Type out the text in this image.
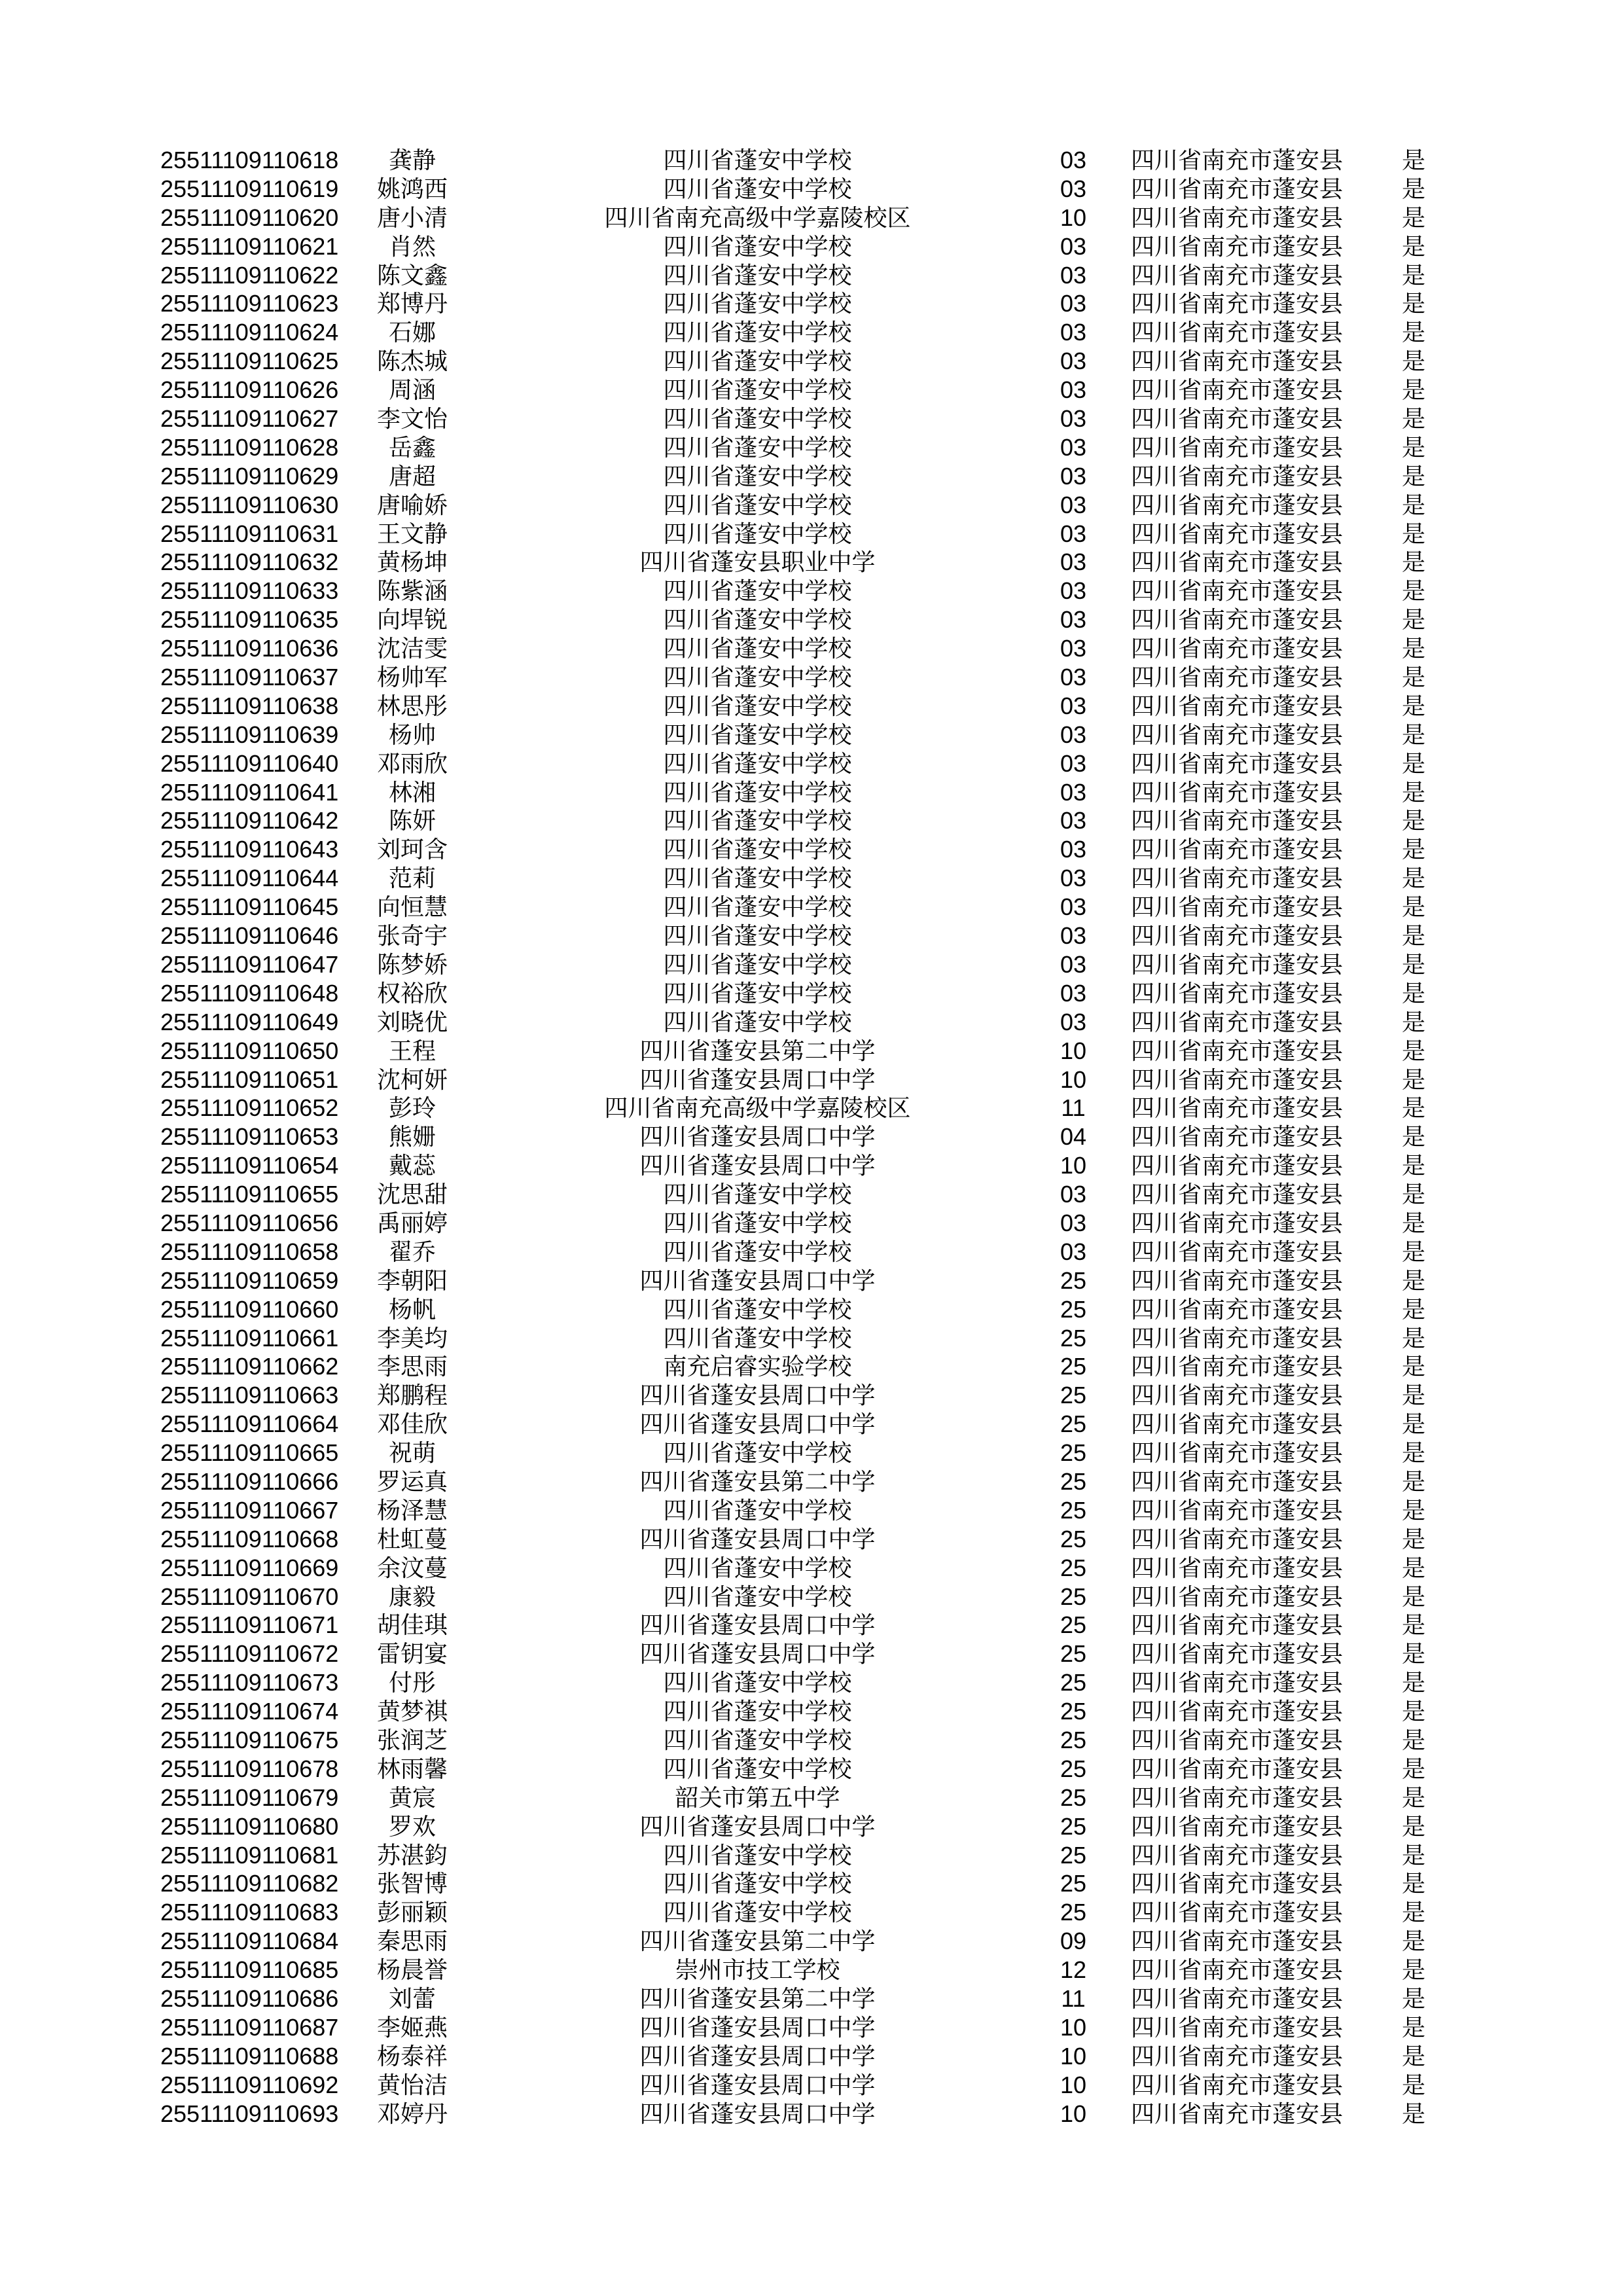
25511109110618	龚静	四川省蓬安中学校	03	四川省南充市蓬安县	是
25511109110619	姚鸿西	四川省蓬安中学校	03	四川省南充市蓬安县	是
25511109110620	唐小清	四川省南充高级中学嘉陵校区	10	四川省南充市蓬安县	是
25511109110621	肖然	四川省蓬安中学校	03	四川省南充市蓬安县	是
25511109110622	陈文鑫	四川省蓬安中学校	03	四川省南充市蓬安县	是
25511109110623	郑博丹	四川省蓬安中学校	03	四川省南充市蓬安县	是
25511109110624	石娜	四川省蓬安中学校	03	四川省南充市蓬安县	是
25511109110625	陈杰城	四川省蓬安中学校	03	四川省南充市蓬安县	是
25511109110626	周涵	四川省蓬安中学校	03	四川省南充市蓬安县	是
25511109110627	李文怡	四川省蓬安中学校	03	四川省南充市蓬安县	是
25511109110628	岳鑫	四川省蓬安中学校	03	四川省南充市蓬安县	是
25511109110629	唐超	四川省蓬安中学校	03	四川省南充市蓬安县	是
25511109110630	唐喻娇	四川省蓬安中学校	03	四川省南充市蓬安县	是
25511109110631	王文静	四川省蓬安中学校	03	四川省南充市蓬安县	是
25511109110632	黄杨坤	四川省蓬安县职业中学	03	四川省南充市蓬安县	是
25511109110633	陈紫涵	四川省蓬安中学校	03	四川省南充市蓬安县	是
25511109110635	向垾锐	四川省蓬安中学校	03	四川省南充市蓬安县	是
25511109110636	沈洁雯	四川省蓬安中学校	03	四川省南充市蓬安县	是
25511109110637	杨帅军	四川省蓬安中学校	03	四川省南充市蓬安县	是
25511109110638	林思彤	四川省蓬安中学校	03	四川省南充市蓬安县	是
25511109110639	杨帅	四川省蓬安中学校	03	四川省南充市蓬安县	是
25511109110640	邓雨欣	四川省蓬安中学校	03	四川省南充市蓬安县	是
25511109110641	林湘	四川省蓬安中学校	03	四川省南充市蓬安县	是
25511109110642	陈妍	四川省蓬安中学校	03	四川省南充市蓬安县	是
25511109110643	刘珂含	四川省蓬安中学校	03	四川省南充市蓬安县	是
25511109110644	范莉	四川省蓬安中学校	03	四川省南充市蓬安县	是
25511109110645	向恒慧	四川省蓬安中学校	03	四川省南充市蓬安县	是
25511109110646	张奇宇	四川省蓬安中学校	03	四川省南充市蓬安县	是
25511109110647	陈梦娇	四川省蓬安中学校	03	四川省南充市蓬安县	是
25511109110648	权裕欣	四川省蓬安中学校	03	四川省南充市蓬安县	是
25511109110649	刘晓优	四川省蓬安中学校	03	四川省南充市蓬安县	是
25511109110650	王程	四川省蓬安县第二中学	10	四川省南充市蓬安县	是
25511109110651	沈柯妍	四川省蓬安县周口中学	10	四川省南充市蓬安县	是
25511109110652	彭玲	四川省南充高级中学嘉陵校区	11	四川省南充市蓬安县	是
25511109110653	熊姗	四川省蓬安县周口中学	04	四川省南充市蓬安县	是
25511109110654	戴蕊	四川省蓬安县周口中学	10	四川省南充市蓬安县	是
25511109110655	沈思甜	四川省蓬安中学校	03	四川省南充市蓬安县	是
25511109110656	禹丽婷	四川省蓬安中学校	03	四川省南充市蓬安县	是
25511109110658	翟乔	四川省蓬安中学校	03	四川省南充市蓬安县	是
25511109110659	李朝阳	四川省蓬安县周口中学	25	四川省南充市蓬安县	是
25511109110660	杨帆	四川省蓬安中学校	25	四川省南充市蓬安县	是
25511109110661	李美均	四川省蓬安中学校	25	四川省南充市蓬安县	是
25511109110662	李思雨	南充启睿实验学校	25	四川省南充市蓬安县	是
25511109110663	郑鹏程	四川省蓬安县周口中学	25	四川省南充市蓬安县	是
25511109110664	邓佳欣	四川省蓬安县周口中学	25	四川省南充市蓬安县	是
25511109110665	祝萌	四川省蓬安中学校	25	四川省南充市蓬安县	是
25511109110666	罗运真	四川省蓬安县第二中学	25	四川省南充市蓬安县	是
25511109110667	杨泽慧	四川省蓬安中学校	25	四川省南充市蓬安县	是
25511109110668	杜虹蔓	四川省蓬安县周口中学	25	四川省南充市蓬安县	是
25511109110669	余汶蔓	四川省蓬安中学校	25	四川省南充市蓬安县	是
25511109110670	康毅	四川省蓬安中学校	25	四川省南充市蓬安县	是
25511109110671	胡佳琪	四川省蓬安县周口中学	25	四川省南充市蓬安县	是
25511109110672	雷钥宴	四川省蓬安县周口中学	25	四川省南充市蓬安县	是
25511109110673	付彤	四川省蓬安中学校	25	四川省南充市蓬安县	是
25511109110674	黄梦祺	四川省蓬安中学校	25	四川省南充市蓬安县	是
25511109110675	张润芝	四川省蓬安中学校	25	四川省南充市蓬安县	是
25511109110678	林雨馨	四川省蓬安中学校	25	四川省南充市蓬安县	是
25511109110679	黄宸	韶关市第五中学	25	四川省南充市蓬安县	是
25511109110680	罗欢	四川省蓬安县周口中学	25	四川省南充市蓬安县	是
25511109110681	苏湛鈞	四川省蓬安中学校	25	四川省南充市蓬安县	是
25511109110682	张智博	四川省蓬安中学校	25	四川省南充市蓬安县	是
25511109110683	彭丽颖	四川省蓬安中学校	25	四川省南充市蓬安县	是
25511109110684	秦思雨	四川省蓬安县第二中学	09	四川省南充市蓬安县	是
25511109110685	杨晨誉	崇州市技工学校	12	四川省南充市蓬安县	是
25511109110686	刘蕾	四川省蓬安县第二中学	11	四川省南充市蓬安县	是
25511109110687	李姬燕	四川省蓬安县周口中学	10	四川省南充市蓬安县	是
25511109110688	杨泰祥	四川省蓬安县周口中学	10	四川省南充市蓬安县	是
25511109110692	黄怡洁	四川省蓬安县周口中学	10	四川省南充市蓬安县	是
25511109110693	邓婷丹	四川省蓬安县周口中学	10	四川省南充市蓬安县	是
